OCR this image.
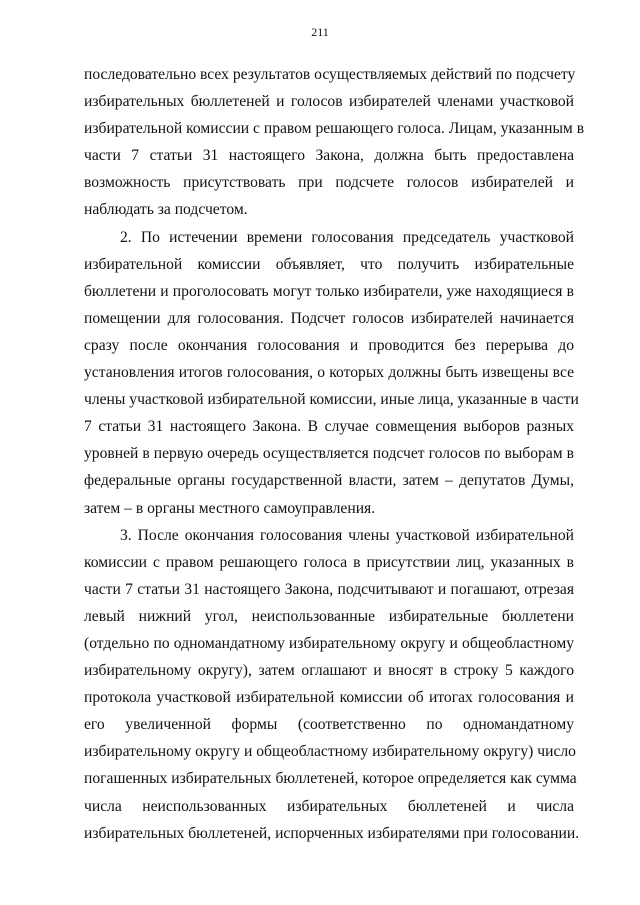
211
последовательно всех результатов осуществляемых действий по подсчету
избирательных бюллетеней и голосов избирателей членами участковой
избирательной комиссии с правом решающего голоса. Лицам, указанным в
части 7 статьи 31 настоящего Закона, должна быть предоставлена
возможность присутствовать при подсчете голосов избирателей и
наблюдать за подсчетом.
2. По истечении времени голосования председатель участковой
избирательной комиссии объявляет, что получить избирательные
бюллетени и проголосовать могут только избиратели, уже находящиеся в
помещении для голосования. Подсчет голосов избирателей начинается
сразу после окончания голосования и проводится без перерыва до
установления итогов голосования, о которых должны быть извещены все
члены участковой избирательной комиссии, иные лица, указанные в части
7 статьи 31 настоящего Закона. В случае совмещения выборов разных
уровней в первую очередь осуществляется подсчет голосов по выборам в
федеральные органы государственной власти, затем – депутатов Думы,
затем – в органы местного самоуправления.
3. После окончания голосования члены участковой избирательной
комиссии с правом решающего голоса в присутствии лиц, указанных в
части 7 статьи 31 настоящего Закона, подсчитывают и погашают, отрезая
левый нижний угол, неиспользованные избирательные бюллетени
(отдельно по одномандатному избирательному округу и общеобластному
избирательному округу), затем оглашают и вносят в строку 5 каждого
протокола участковой избирательной комиссии об итогах голосования и
его увеличенной формы (соответственно по одномандатному
избирательному округу и общеобластному избирательному округу) число
погашенных избирательных бюллетеней, которое определяется как сумма
числа неиспользованных избирательных бюллетеней и числа
избирательных бюллетеней, испорченных избирателями при голосовании.
